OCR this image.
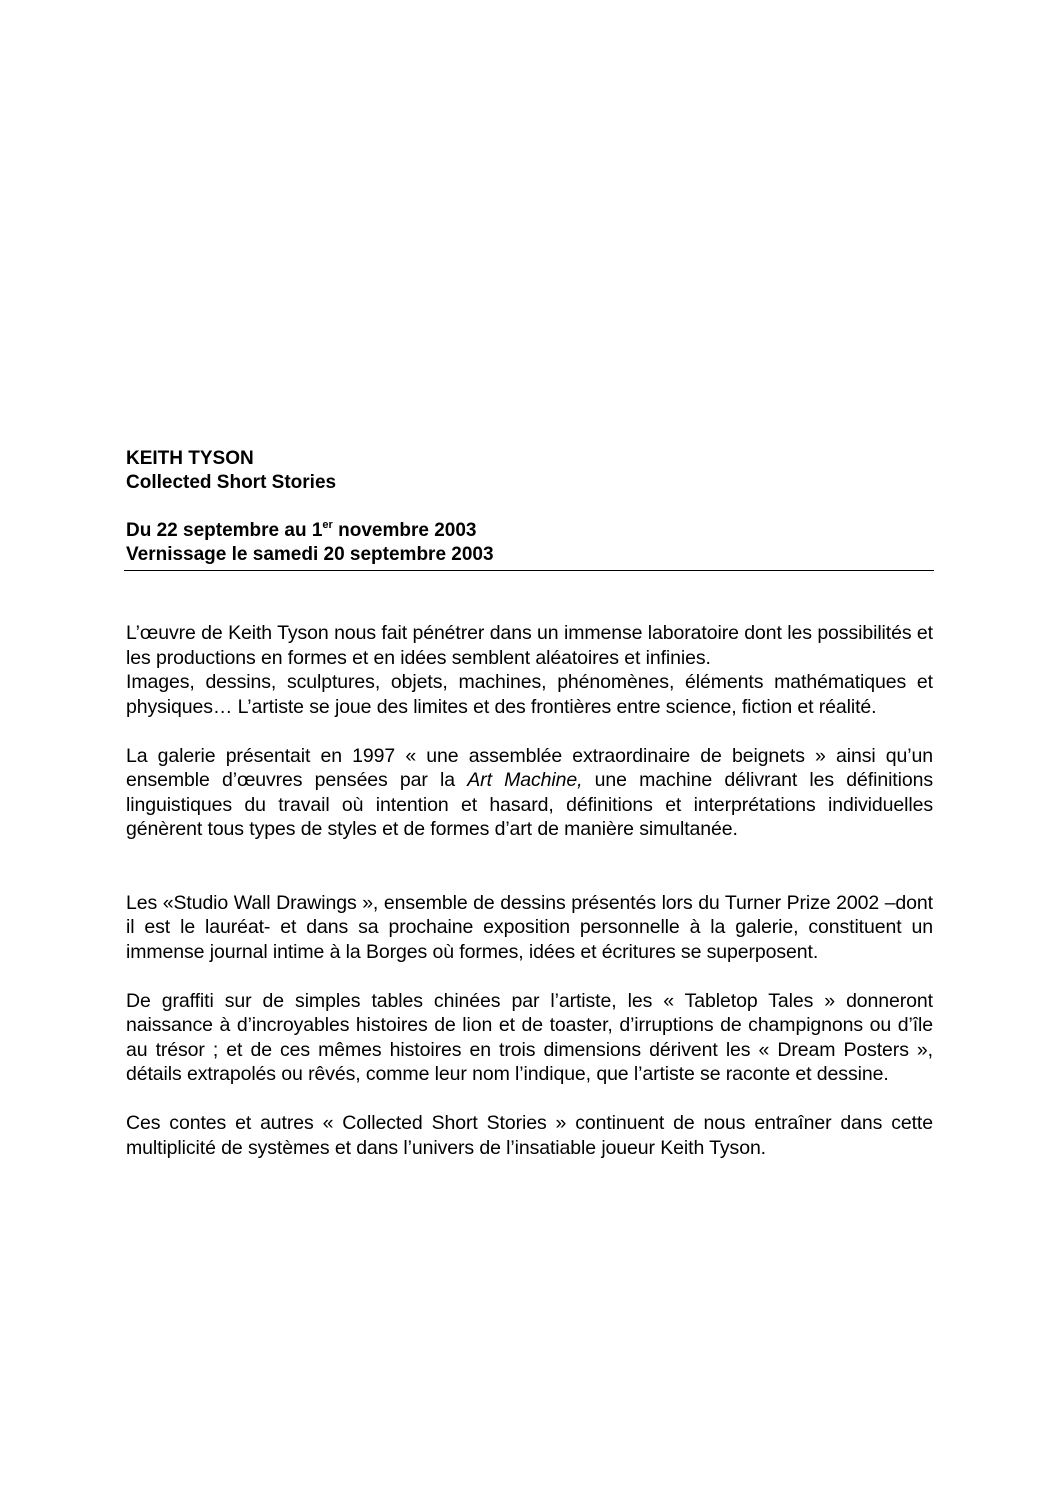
KEITH TYSON

Collected Short Stories

Du 22 septembre au 1er novembre 2003

Vernissage le samedi 20 septembre 2003

L’œuvre de Keith Tyson nous fait pénétrer dans un immense laboratoire dont les possibilités et les productions en formes et en idées semblent aléatoires et infinies.

Images, dessins, sculptures, objets, machines, phénomènes, éléments mathématiques et physiques… L’artiste se joue des limites et des frontières entre science, fiction et réalité.

La galerie présentait en 1997 « une assemblée extraordinaire de beignets » ainsi qu’un ensemble d’œuvres pensées par la Art Machine, une machine délivrant les définitions linguistiques du travail où intention et hasard, définitions et interprétations individuelles génèrent tous types de styles et de formes d’art de manière simultanée.

Les «Studio Wall Drawings », ensemble de dessins présentés lors du Turner Prize 2002 –dont il est le lauréat- et dans sa prochaine exposition personnelle à la galerie, constituent un immense journal intime à la Borges où formes, idées et écritures se superposent.

De graffiti sur de simples tables chinées par l’artiste, les « Tabletop Tales » donneront naissance à d’incroyables histoires de lion et de toaster, d’irruptions de champignons ou d’île au trésor ; et de ces mêmes histoires en trois dimensions dérivent les « Dream Posters », détails extrapolés ou rêvés, comme leur nom l’indique, que l’artiste se raconte et dessine.

Ces contes et autres « Collected Short Stories » continuent de nous entraîner dans cette multiplicité de systèmes et dans l’univers de l’insatiable joueur Keith Tyson.
